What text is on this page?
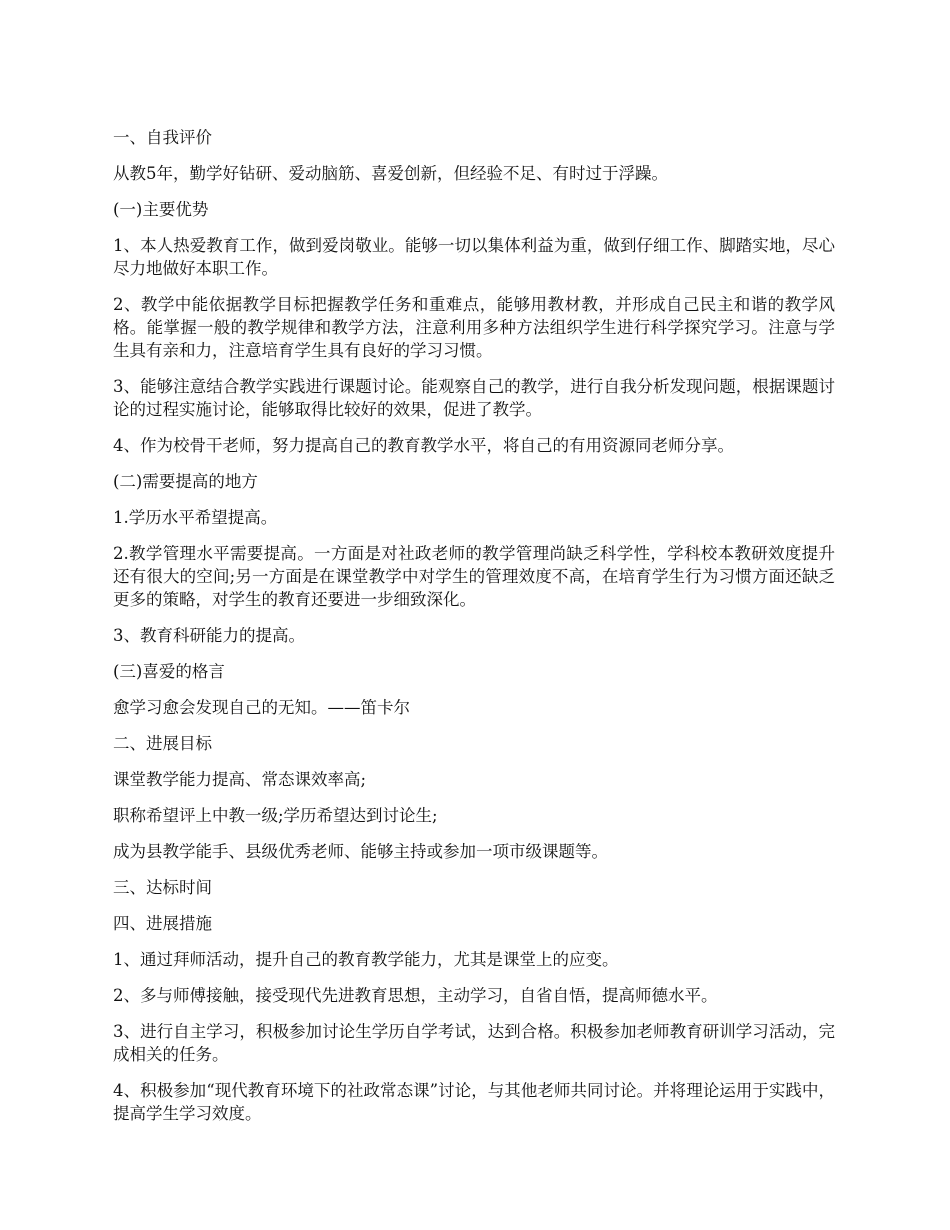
一、自我评价

从教5年，勤学好钻研、爱动脑筋、喜爱创新，但经验不足、有时过于浮躁。

(一)主要优势

1、本人热爱教育工作，做到爱岗敬业。能够一切以集体利益为重，做到仔细工作、脚踏实地，尽心尽力地做好本职工作。

2、教学中能依据教学目标把握教学任务和重难点，能够用教材教，并形成自己民主和谐的教学风格。能掌握一般的教学规律和教学方法，注意利用多种方法组织学生进行科学探究学习。注意与学生具有亲和力，注意培育学生具有良好的学习习惯。

3、能够注意结合教学实践进行课题讨论。能观察自己的教学，进行自我分析发现问题，根据课题讨论的过程实施讨论，能够取得比较好的效果，促进了教学。

4、作为校骨干老师，努力提高自己的教育教学水平，将自己的有用资源同老师分享。

(二)需要提高的地方

1.学历水平希望提高。

2.教学管理水平需要提高。一方面是对社政老师的教学管理尚缺乏科学性，学科校本教研效度提升还有很大的空间;另一方面是在课堂教学中对学生的管理效度不高，在培育学生行为习惯方面还缺乏更多的策略，对学生的教育还要进一步细致深化。

3、教育科研能力的提高。

(三)喜爱的格言

愈学习愈会发现自己的无知。——笛卡尔

二、进展目标

课堂教学能力提高、常态课效率高;

职称希望评上中教一级;学历希望达到讨论生;

成为县教学能手、县级优秀老师、能够主持或参加一项市级课题等。

三、达标时间

四、进展措施

1、通过拜师活动，提升自己的教育教学能力，尤其是课堂上的应变。

2、多与师傅接触，接受现代先进教育思想，主动学习，自省自悟，提高师德水平。

3、进行自主学习，积极参加讨论生学历自学考试，达到合格。积极参加老师教育研训学习活动，完成相关的任务。

4、积极参加“现代教育环境下的社政常态课”讨论，与其他老师共同讨论。并将理论运用于实践中，提高学生学习效度。
